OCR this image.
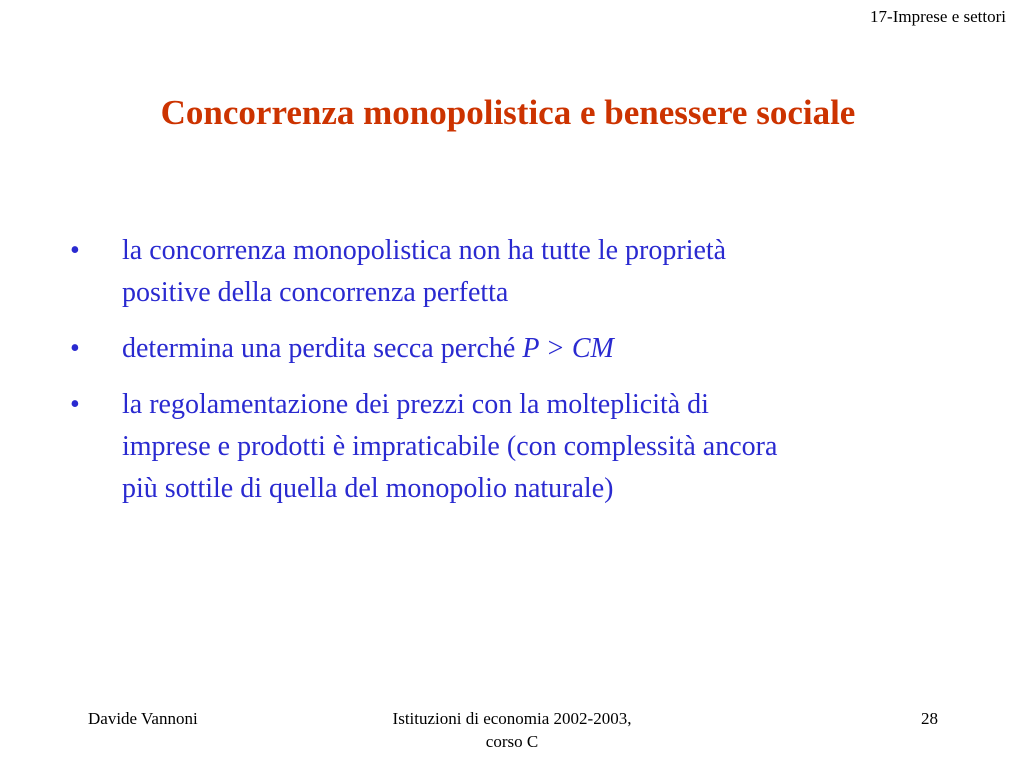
17-Imprese e settori
Concorrenza monopolistica e benessere sociale
• la concorrenza monopolistica non ha tutte le proprietà
positive della concorrenza perfetta
• determina una perdita secca perché P > CM
• la regolamentazione dei prezzi con la molteplicità di
imprese e prodotti è impraticabile (con complessità ancora
più sottile di quella del monopolio naturale)
Davide Vannoni	Istituzioni di economia 2002-2003,
corso C
28
